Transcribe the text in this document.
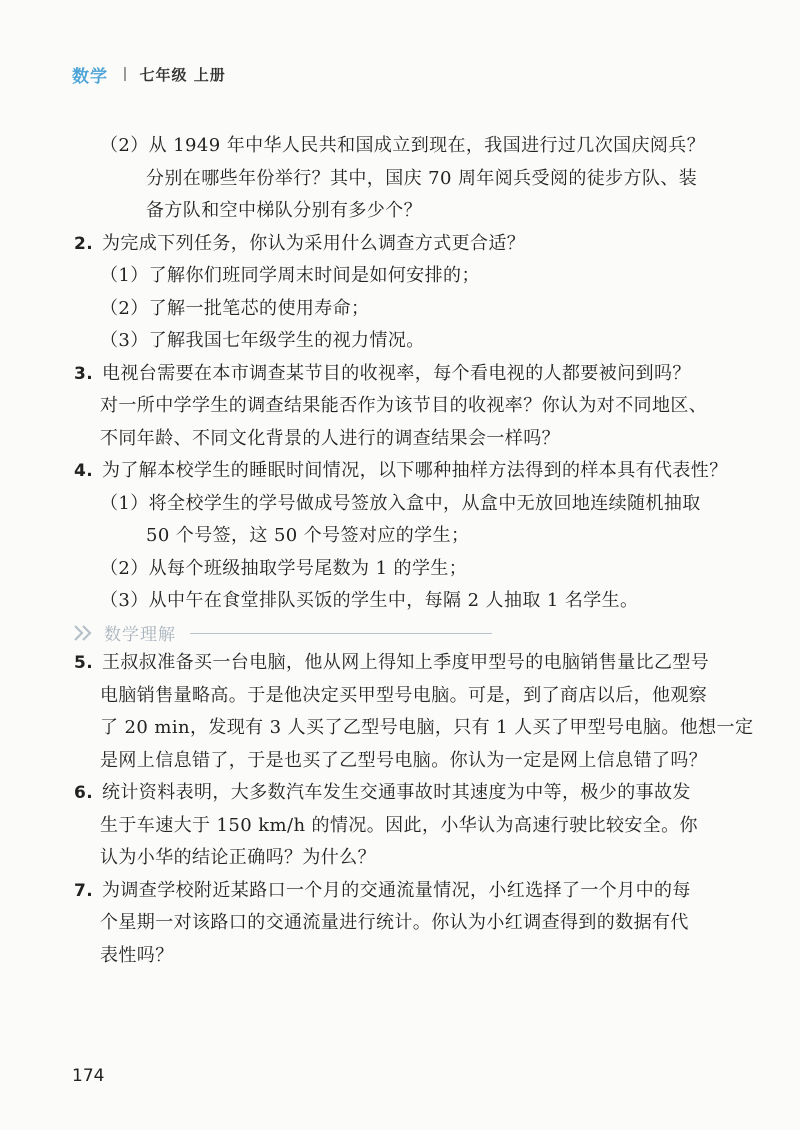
数学 七年级 上册
（2）从 1949 年中华人民共和国成立到现在，我国进行过几次国庆阅兵？
分别在哪些年份举行？其中，国庆 70 周年阅兵受阅的徒步方队、装
备方队和空中梯队分别有多少个？
2. 为完成下列任务，你认为采用什么调查方式更合适？
（1）了解你们班同学周末时间是如何安排的；
（2）了解一批笔芯的使用寿命；
（3）了解我国七年级学生的视力情况。
3. 电视台需要在本市调查某节目的收视率，每个看电视的人都要被问到吗？
对一所中学学生的调查结果能否作为该节目的收视率？你认为对不同地区、
不同年龄、不同文化背景的人进行的调查结果会一样吗？
4. 为了解本校学生的睡眠时间情况，以下哪种抽样方法得到的样本具有代表性？
（1）将全校学生的学号做成号签放入盒中，从盒中无放回地连续随机抽取
50 个号签，这 50 个号签对应的学生；
（2）从每个班级抽取学号尾数为 1 的学生；
（3）从中午在食堂排队买饭的学生中，每隔 2 人抽取 1 名学生。
数学理解
5. 王叔叔准备买一台电脑，他从网上得知上季度甲型号的电脑销售量比乙型号
电脑销售量略高。于是他决定买甲型号电脑。可是，到了商店以后，他观察
了 20 min，发现有 3 人买了乙型号电脑，只有 1 人买了甲型号电脑。他想一定
是网上信息错了，于是也买了乙型号电脑。你认为一定是网上信息错了吗？
6. 统计资料表明，大多数汽车发生交通事故时其速度为中等，极少的事故发
生于车速大于 150 km/h 的情况。因此，小华认为高速行驶比较安全。你
认为小华的结论正确吗？为什么？
7. 为调查学校附近某路口一个月的交通流量情况，小红选择了一个月中的每
个星期一对该路口的交通流量进行统计。你认为小红调查得到的数据有代
表性吗？
174
